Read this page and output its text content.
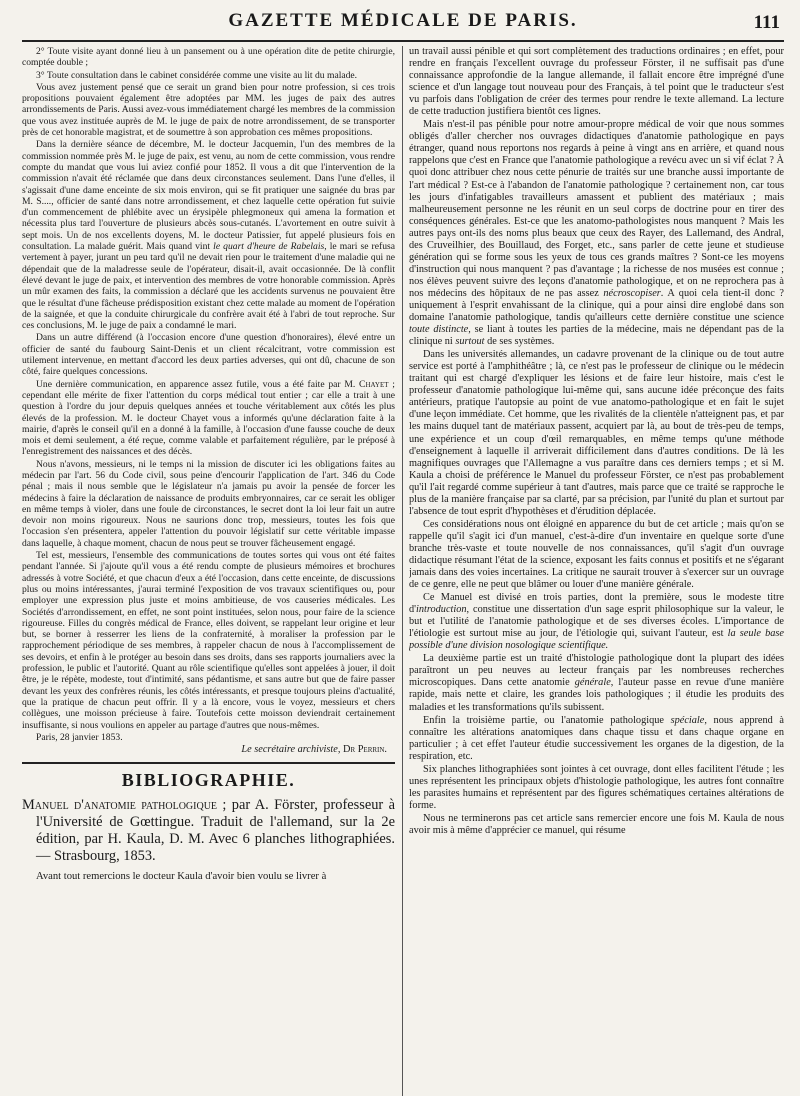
GAZETTE MÉDICALE DE PARIS.	111

2° Toute visite ayant donné lieu à un pansement ou à une opération dite de petite chirurgie, comptée double ;

3° Toute consultation dans le cabinet considérée comme une visite au lit du malade.

Vous avez justement pensé que ce serait un grand bien pour notre profession, si ces trois propositions pouvaient également être adoptées par MM. les juges de paix des autres arrondissements de Paris. Aussi avez-vous immédiatement chargé les membres de la commission que vous avez instituée auprès de M. le juge de paix de notre arrondissement, de se transporter près de cet honorable magistrat, et de soumettre à son approbation ces mêmes propositions.

Dans la dernière séance de décembre, M. le docteur Jacquemin, l'un des membres de la commission nommée près M. le juge de paix, est venu, au nom de cette commission, vous rendre compte du mandat que vous lui aviez confié pour 1852. Il vous a dit que l'intervention de la commission n'avait été réclamée que dans deux circonstances seulement. Dans l'une d'elles, il s'agissait d'une dame enceinte de six mois environ, qui se fit pratiquer une saignée du bras par M. S...., officier de santé dans notre arrondissement, et chez laquelle cette opération fut suivie d'un commencement de phlébite avec un érysipèle phlegmoneux qui amena la formation et nécessita plus tard l'ouverture de plusieurs abcès sous-cutanés. L'avortement en outre suivit à sept mois. Un de nos excellents doyens, M. le docteur Patissier, fut appelé plusieurs fois en consultation. La malade guérit. Mais quand vint le quart d'heure de Rabelais, le mari se refusa vertement à payer, jurant un peu tard qu'il ne devait rien pour le traitement d'une maladie qui ne dépendait que de la maladresse seule de l'opérateur, disait-il, avait occasionnée. De là conflit élevé devant le juge de paix, et intervention des membres de votre honorable commission. Après un mûr examen des faits, la commission a déclaré que les accidents survenus ne pouvaient être que le résultat d'une fâcheuse prédisposition existant chez cette malade au moment de l'opération de la saignée, et que la conduite chirurgicale du confrère avait été à l'abri de tout reproche. Sur ces conclusions, M. le juge de paix a condamné le mari.

Dans un autre différend (à l'occasion encore d'une question d'honoraires), élevé entre un officier de santé du faubourg Saint-Denis et un client récalcitrant, votre commission est utilement intervenue, en mettant d'accord les deux parties adverses, qui ont dû, chacune de son côté, faire quelques concessions.

Une dernière communication, en apparence assez futile, vous a été faite par M. Chayet ; cependant elle mérite de fixer l'attention du corps médical tout entier ; car elle a trait à une question à l'ordre du jour depuis quelques années et touche véritablement aux côtés les plus élevés de la profession. M. le docteur Chayet vous a informés qu'une déclaration faite à la mairie, d'après le conseil qu'il en a donné à la famille, à l'occasion d'une fausse couche de deux mois et demi seulement, a été reçue, comme valable et parfaitement régulière, par le préposé à l'enregistrement des naissances et des décès.

Nous n'avons, messieurs, ni le temps ni la mission de discuter ici les obligations faites au médecin par l'art. 56 du Code civil, sous peine d'encourir l'application de l'art. 346 du Code pénal ; mais il nous semble que le législateur n'a jamais pu avoir la pensée de forcer les médecins à faire la déclaration de naissance de produits embryonnaires, car ce serait les obliger en même temps à violer, dans une foule de circonstances, le secret dont la loi leur fait un autre devoir non moins rigoureux. Nous ne saurions donc trop, messieurs, toutes les fois que l'occasion s'en présentera, appeler l'attention du pouvoir législatif sur cette véritable impasse dans laquelle, à chaque moment, chacun de nous peut se trouver fâcheusement engagé.

Tel est, messieurs, l'ensemble des communications de toutes sortes qui vous ont été faites pendant l'année. Si j'ajoute qu'il vous a été rendu compte de plusieurs mémoires et brochures adressés à votre Société, et que chacun d'eux a été l'occasion, dans cette enceinte, de discussions plus ou moins intéressantes, j'aurai terminé l'exposition de vos travaux scientifiques ou, pour employer une expression plus juste et moins ambitieuse, de vos causeries médicales. Les Sociétés d'arrondissement, en effet, ne sont point instituées, selon nous, pour faire de la science rigoureuse. Filles du congrès médical de France, elles doivent, se rappelant leur origine et leur but, se borner à resserrer les liens de la confraternité, à moraliser la profession par le rapprochement périodique de ses membres, à rappeler chacun de nous à l'accomplissement de ses devoirs, et enfin à le protéger au besoin dans ses droits, dans ses rapports journaliers avec la profession, le public et l'autorité. Quant au rôle scientifique qu'elles sont appelées à jouer, il doit être, je le répète, modeste, tout d'intimité, sans pédantisme, et sans autre but que de faire passer devant les yeux des confrères réunis, les côtés intéressants, et presque toujours pleins d'actualité, que la pratique de chacun peut offrir. Il y a là encore, vous le voyez, messieurs et chers collègues, une moisson précieuse à faire. Toutefois cette moisson deviendrait certainement insuffisante, si nous voulions en appeler au partage d'autres que nous-mêmes.

Paris, 28 janvier 1853.
Le secrétaire archiviste, Dr Perrin.
BIBLIOGRAPHIE.

Manuel d'anatomie pathologique ; par A. Förster, professeur à l'Université de Gœttingue. Traduit de l'allemand, sur la 2e édition, par H. Kaula, D. M. Avec 6 planches lithographiées. — Strasbourg, 1853.

Avant tout remercions le docteur Kaula d'avoir bien voulu se livrer à

un travail aussi pénible et qui sort complètement des traductions ordinaires ; en effet, pour rendre en français l'excellent ouvrage du professeur Förster, il ne suffisait pas d'une connaissance approfondie de la langue allemande, il fallait encore être imprégné d'une science et d'un langage tout nouveau pour des Français, à tel point que le traducteur s'est vu parfois dans l'obligation de créer des termes pour rendre le texte allemand. La lecture de cette traduction justifiera bientôt ces lignes.

Mais n'est-il pas pénible pour notre amour-propre médical de voir que nous sommes obligés d'aller chercher nos ouvrages didactiques d'anatomie pathologique en pays étranger, quand nous reportons nos regards à peine à vingt ans en arrière, et quand nous rappelons que c'est en France que l'anatomie pathologique a revécu avec un si vif éclat ? À quoi donc attribuer chez nous cette pénurie de traités sur une branche aussi importante de l'art médical ? Est-ce à l'abandon de l'anatomie pathologique ? certainement non, car tous les jours d'infatigables travailleurs amassent et publient des matériaux ; mais malheureusement personne ne les réunit en un seul corps de doctrine pour en tirer des conséquences générales. Est-ce que les anatomo-pathologistes nous manquent ? Mais les autres pays ont-ils des noms plus beaux que ceux des Rayer, des Lallemand, des Andral, des Cruveilhier, des Bouillaud, des Forget, etc., sans parler de cette jeune et studieuse génération qui se forme sous les yeux de tous ces grands maîtres ? Sont-ce les moyens d'instruction qui nous manquent ? pas d'avantage ; la richesse de nos musées est connue ; nos élèves peuvent suivre des leçons d'anatomie pathologique, et on ne reprochera pas à nos médecins des hôpitaux de ne pas assez nécroscopiser. A quoi cela tient-il donc ? uniquement à l'esprit envahissant de la clinique, qui a pour ainsi dire englobé dans son domaine l'anatomie pathologique, tandis qu'ailleurs cette dernière constitue une science toute distincte, se liant à toutes les parties de la médecine, mais ne dépendant pas de la clinique ni surtout de ses systèmes.

Dans les universités allemandes, un cadavre provenant de la clinique ou de tout autre service est porté à l'amphithéâtre ; là, ce n'est pas le professeur de clinique ou le médecin traitant qui est chargé d'expliquer les lésions et de faire leur histoire, mais c'est le professeur d'anatomie pathologique lui-même qui, sans aucune idée préconçue des faits antérieurs, pratique l'autopsie au point de vue anatomo-pathologique et en fait le sujet d'une leçon immédiate. Cet homme, que les rivalités de la clientèle n'atteignent pas, et par les mains duquel tant de matériaux passent, acquiert par là, au bout de très-peu de temps, une expérience et un coup d'œil remarquables, en même temps qu'une méthode d'enseignement à laquelle il arriverait difficilement dans d'autres conditions. De là les magnifiques ouvrages que l'Allemagne a vus paraître dans ces derniers temps ; et si M. Kaula a choisi de préférence le Manuel du professeur Förster, ce n'est pas probablement qu'il l'ait regardé comme supérieur à tant d'autres, mais parce que ce traité se rapproche le plus de la manière française par sa clarté, par sa précision, par l'unité du plan et surtout par l'absence de tout esprit d'hypothèses et d'érudition déplacée.

Ces considérations nous ont éloigné en apparence du but de cet article ; mais qu'on se rappelle qu'il s'agit ici d'un manuel, c'est-à-dire d'un inventaire en quelque sorte d'une branche très-vaste et toute nouvelle de nos connaissances, qu'il s'agit d'un ouvrage didactique résumant l'état de la science, exposant les faits connus et positifs et ne s'égarant jamais dans des voies incertaines. La critique ne saurait trouver à s'exercer sur un ouvrage de ce genre, elle ne peut que blâmer ou louer d'une manière générale.

Ce Manuel est divisé en trois parties, dont la première, sous le modeste titre d'introduction, constitue une dissertation d'un sage esprit philosophique sur la valeur, le but et l'utilité de l'anatomie pathologique et de ses diverses écoles. L'importance de l'étiologie est surtout mise au jour, de l'étiologie qui, suivant l'auteur, est la seule base possible d'une division nosologique scientifique.

La deuxième partie est un traité d'histologie pathologique dont la plupart des idées paraîtront un peu neuves au lecteur français par les nombreuses recherches microscopiques. Dans cette anatomie générale, l'auteur passe en revue d'une manière rapide, mais nette et claire, les grandes lois pathologiques ; il étudie les produits des maladies et les transformations qu'ils subissent.

Enfin la troisième partie, ou l'anatomie pathologique spéciale, nous apprend à connaître les altérations anatomiques dans chaque tissu et dans chaque organe en particulier ; à cet effet l'auteur étudie successivement les organes de la digestion, de la respiration, etc.

Six planches lithographiées sont jointes à cet ouvrage, dont elles facilitent l'étude ; les unes représentent les principaux objets d'histologie pathologique, les autres font connaître les parasites humains et représentent par des figures schématiques certaines altérations de forme.

Nous ne terminerons pas cet article sans remercier encore une fois M. Kaula de nous avoir mis à même d'apprécier ce manuel, qui résume
